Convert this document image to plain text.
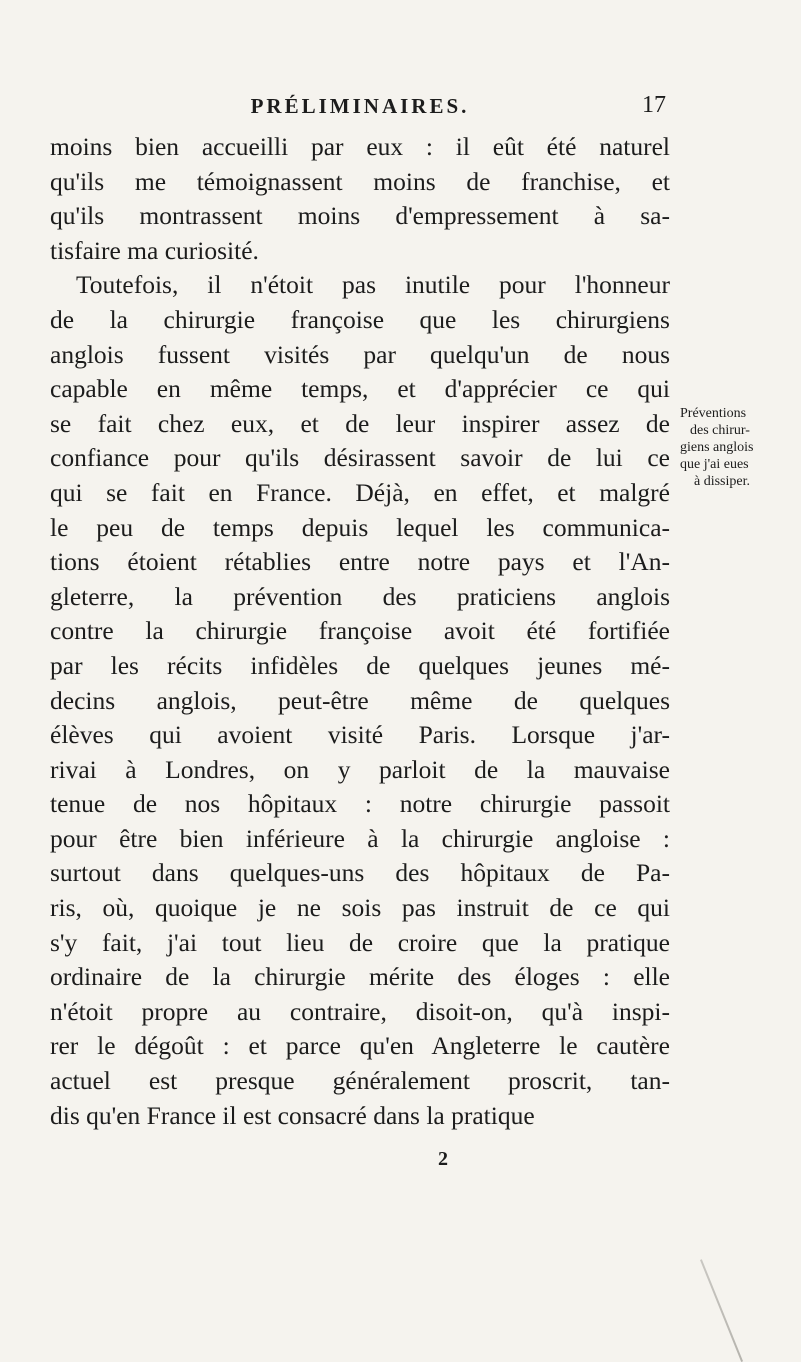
PRÉLIMINAIRES.	17
moins bien accueilli par eux : il eût été naturel
qu'ils me témoignassent moins de franchise, et
qu'ils montrassent moins d'empressement à sa-
tisfaire ma curiosité.
Toutefois, il n'étoit pas inutile pour l'honneur
de la chirurgie françoise que les chirurgiens
anglois fussent visités par quelqu'un de nous
capable en même temps, et d'apprécier ce qui
se fait chez eux, et de leur inspirer assez de
confiance pour qu'ils désirassent savoir de lui ce
qui se fait en France. Déjà, en effet, et malgré
le peu de temps depuis lequel les communica-
tions étoient rétablies entre notre pays et l'An-
gleterre, la prévention des praticiens anglois
contre la chirurgie françoise avoit été fortifiée
par les récits infidèles de quelques jeunes mé-
decins anglois, peut-être même de quelques
élèves qui avoient visité Paris. Lorsque j'ar-
rivai à Londres, on y parloit de la mauvaise
tenue de nos hôpitaux : notre chirurgie passoit
pour être bien inférieure à la chirurgie angloise :
surtout dans quelques-uns des hôpitaux de Pa-
ris, où, quoique je ne sois pas instruit de ce qui
s'y fait, j'ai tout lieu de croire que la pratique
ordinaire de la chirurgie mérite des éloges : elle
n'étoit propre au contraire, disoit-on, qu'à inspi-
rer le dégoût : et parce qu'en Angleterre le cautère
actuel est presque généralement proscrit, tan-
dis qu'en France il est consacré dans la pratique
Préventions
des chirur-
giens anglois
que j'ai eues
à dissiper.
2
